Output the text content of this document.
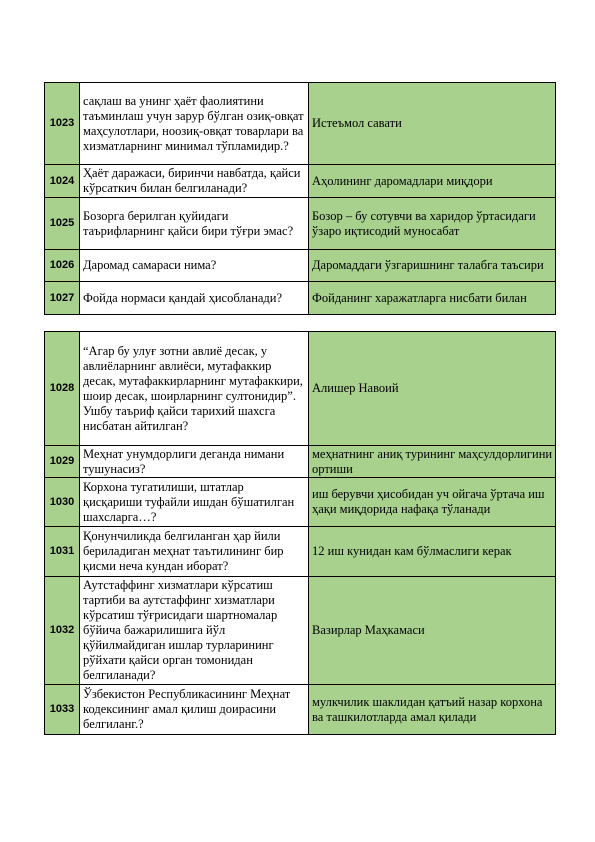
1023	сақлаш ва унинг ҳаёт фаолиятини таъминлаш учун зарур бўлган озиқ-овқат маҳсулотлари, ноозиқ-овқат товарлари ва хизматларнинг минимал тўпламидир.?	Истеъмол савати
1024	Ҳаёт даражаси, биринчи навбатда, қайси кўрсаткич билан белгиланади?	Аҳолининг даромадлари миқдори
1025	Бозорга берилган қуйидаги таърифларнинг қайси бири тўғри эмас?	Бозор – бу сотувчи ва харидор ўртасидаги ўзаро иқтисодий муносабат
1026	Даромад самараси нима?	Даромаддаги ўзгаришнинг талабга таъсири
1027	Фойда нормаси қандай ҳисобланади?	Фойданинг харажатларга нисбати билан
1028	“Агар бу улуғ зотни авлиё десак, у авлиёларнинг авлиёси, мутафаккир десак, мутафаккирларнинг мутафаккири, шоир десак, шоирларнинг султонидир”. Ушбу таъриф қайси тарихий шахсга нисбатан айтилган?	Алишер Навоий
1029	Меҳнат унумдорлиги деганда нимани тушунасиз?	меҳнатнинг аниқ турининг маҳсулдорлигини ортиши
1030	Корхона тугатилиши, штатлар қисқариши туфайли ишдан бўшатилган шахсларга…?	иш берувчи ҳисобидан уч ойгача ўртача иш ҳақи миқдорида нафақа тўланади
1031	Қонунчиликда белгиланган ҳар йили бериладиган меҳнат таътилининг бир қисми неча кундан иборат?	12 иш кунидан кам бўлмаслиги керак
1032	Аутстаффинг хизматлари кўрсатиш тартиби ва аутстаффинг хизматлари кўрсатиш тўғрисидаги шартномалар бўйича бажарилишига йўл қўйилмайдиган ишлар турларининг рўйхати қайси орган томонидан белгиланади?	Вазирлар Маҳкамаси
1033	Ўзбекистон Республикасининг Меҳнат кодексининг амал қилиш доирасини белгиланг.?	мулкчилик шаклидан қатъий назар корхона ва ташкилотларда амал қилади
